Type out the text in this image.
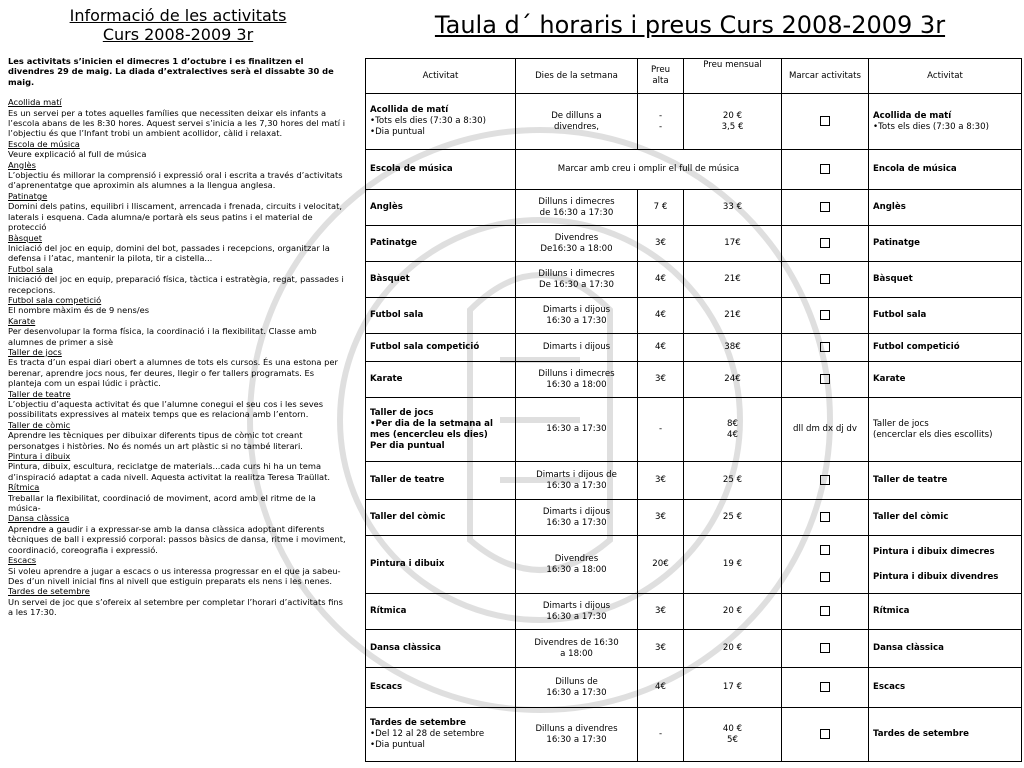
Informació de les activitats
Curs 2008-2009 3r
Les activitats s’inicien el dimecres 1 d’octubre i es finalitzen el divendres 29 de maig. La diada d’extralectives serà el dissabte 30 de maig.
Acollida matí
Es un servei per a totes aquelles famílies que necessiten deixar els infants a l’escola abans de les 8:30 hores. Aquest servei s’inicia a les 7,30 hores del matí i l’objectiu és que l’Infant trobi un ambient acollidor, càlid i relaxat.
Escola de música
Veure explicació al full de música
Anglès
L’objectiu és millorar la comprensió i expressió oral i escrita a través d’activitats d’aprenentatge que aproximin als alumnes a la llengua anglesa.
Patinatge
Domini dels patins, equilibri i lliscament, arrencada i frenada, circuits i velocitat, laterals i esquena. Cada alumna/e portarà els seus patins i el material de protecció
Bàsquet
Iniciació del joc en equip, domini del bot, passades i recepcions, organitzar la defensa i l’atac, mantenir la pilota, tir a cistella...
Futbol sala
Iniciació del joc en equip, preparació física, tàctica i estratègia, regat, passades i recepcions.
Futbol sala competició
El nombre màxim és de 9 nens/es
Karate
Per desenvolupar la forma física, la coordinació i la flexibilitat. Classe amb alumnes de primer a sisè
Taller de jocs
Es tracta d’un espai diari obert a alumnes de tots els cursos. És una estona per berenar, aprendre jocs nous, fer deures, llegir o fer tallers programats. Es planteja com un espai lúdic i pràctic.
Taller de teatre
L’objectiu d’aquesta activitat és que l’alumne conegui el seu cos i les seves possibilitats expressives al mateix temps que es relaciona amb l’entorn.
Taller de còmic
Aprendre les tècniques per dibuixar diferents tipus de còmic tot creant personatges i històries. No és només un art plàstic si no també literari.
Pintura i dibuix
Pintura, dibuix, escultura, reciclatge de materials...cada curs hi ha un tema d’inspiració adaptat a cada nivell. Aquesta activitat la realitza Teresa Traüllat.
Rítmica
Treballar la flexibilitat, coordinació de moviment, acord amb el ritme de la música-
Dansa clàssica
Aprendre a gaudir i a expressar-se amb la dansa clàssica adoptant diferents tècniques de ball i expressió corporal: passos bàsics de dansa, ritme i moviment, coordinació, coreografia i expressió.
Escacs
Si voleu aprendre a jugar a escacs o us interessa progressar en el que ja sabeu- Des d’un nivell inicial fins al nivell que estiguin preparats els nens i les nenes.
Tardes de setembre
Un servei de joc que s’ofereix al setembre per completar l’horari d’activitats fins a les 17:30.
Taula d´ horaris i preus Curs 2008-2009 3r
Activitat	Dies de la setmana	Preu alta	Preu mensual	Marcar activitats	Activitat

Acollida de matí
•Tots els dies (7:30 a 8:30)
•Dia puntual	De dilluns a
divendres,	-
-	20 €
3,5 €		Acollida de matí
•Tots els dies (7:30 a 8:30)

Escola de música	Marcar amb creu i omplir el full de música				Encola de música

Anglès	Dilluns i dimecres
de 16:30 a 17:30	7 €	33 €		Anglès

Patinatge	Divendres
De16:30 a 18:00	3€	17€		Patinatge

Bàsquet	Dilluns i dimecres
De 16:30 a 17:30	4€	21€		Bàsquet

Futbol sala	Dimarts i dijous
16:30 a 17:30	4€	21€		Futbol sala

Futbol sala competició	Dimarts i dijous	4€	38€		Futbol competició

Karate	Dilluns i dimecres
16:30 a 18:00	3€	24€		Karate

Taller de jocs
•Per dia de la setmana al mes (encercleu els dies)
Per dia puntual	16:30 a 17:30	-	8€
4€	dll dm dx dj dv	Taller de jocs
(encerclar els dies escollits)

Taller de teatre	Dimarts i dijous de
16:30 a 17:30	3€	25 €		Taller de teatre

Taller del còmic	Dimarts i dijous
16:30 a 17:30	3€	25 €		Taller del còmic

Pintura i dibuix	Divendres
16:30 a 18:00	20€	19 €		Pintura i dibuix dimecres
Pintura i dibuix divendres

Rítmica	Dimarts i dijous
16:30 a 17:30	3€	20 €		Rítmica

Dansa clàssica	Divendres de 16:30
a 18:00	3€	20 €		Dansa clàssica

Escacs	Dilluns de
16:30 a 17:30	4€	17 €		Escacs

Tardes de setembre
•Del 12 al 28 de setembre
•Dia puntual	Dilluns a divendres
16:30 a 17:30	-	40 €
5€		Tardes de setembre
